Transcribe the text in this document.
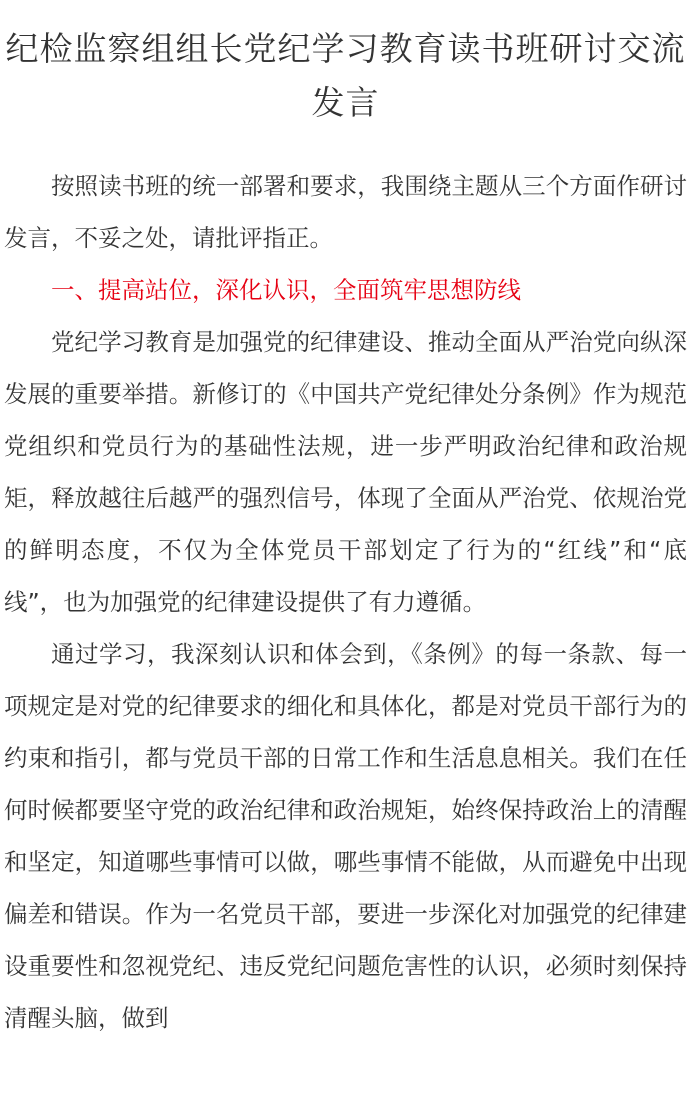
纪检监察组组长党纪学习教育读书班研讨交流发言

按照读书班的统一部署和要求，我围绕主题从三个方面作研讨发言，不妥之处，请批评指正。

一、提高站位，深化认识，全面筑牢思想防线

党纪学习教育是加强党的纪律建设、推动全面从严治党向纵深发展的重要举措。新修订的《中国共产党纪律处分条例》作为规范党组织和党员行为的基础性法规，进一步严明政治纪律和政治规矩，释放越往后越严的强烈信号，体现了全面从严治党、依规治党的鲜明态度，不仅为全体党员干部划定了行为的“红线”和“底线”，也为加强党的纪律建设提供了有力遵循。

通过学习，我深刻认识和体会到，《条例》的每一条款、每一项规定是对党的纪律要求的细化和具体化，都是对党员干部行为的约束和指引，都与党员干部的日常工作和生活息息相关。我们在任何时候都要坚守党的政治纪律和政治规矩，始终保持政治上的清醒和坚定，知道哪些事情可以做，哪些事情不能做，从而避免中出现偏差和错误。作为一名党员干部，要进一步深化对加强党的纪律建设重要性和忽视党纪、违反党纪问题危害性的认识，必须时刻保持清醒头脑，做到
